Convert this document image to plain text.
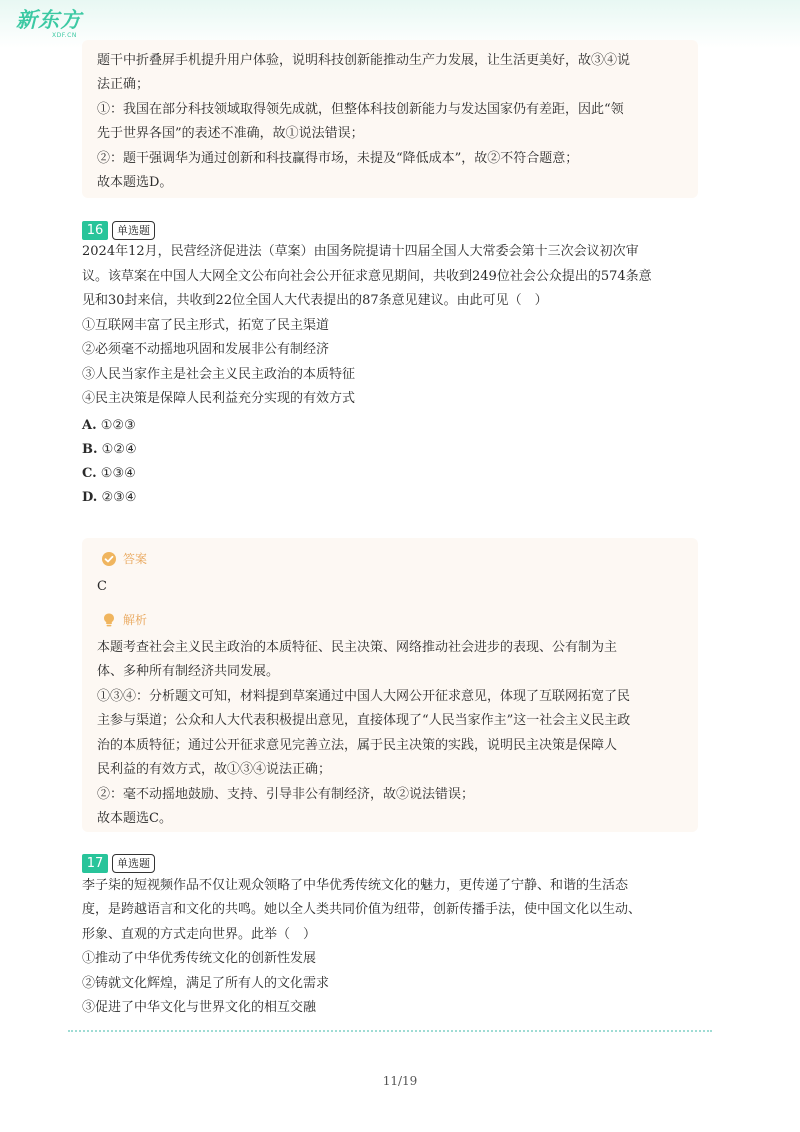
新东方
XDF.CN
题干中折叠屏手机提升用户体验，说明科技创新能推动生产力发展，让生活更美好，故③④说
法正确；
①：我国在部分科技领域取得领先成就，但整体科技创新能力与发达国家仍有差距，因此“领
先于世界各国”的表述不准确，故①说法错误；
②：题干强调华为通过创新和科技赢得市场，未提及“降低成本”，故②不符合题意；
故本题选D。
16	单选题
2024年12月，民营经济促进法（草案）由国务院提请十四届全国人大常委会第十三次会议初次审
议。该草案在中国人大网全文公布向社会公开征求意见期间，共收到249位社会公众提出的574条意
见和30封来信，共收到22位全国人大代表提出的87条意见建议。由此可见（　）
①互联网丰富了民主形式，拓宽了民主渠道
②必须毫不动摇地巩固和发展非公有制经济
③人民当家作主是社会主义民主政治的本质特征
④民主决策是保障人民利益充分实现的有效方式
A. ①②③
B. ①②④
C. ①③④
D. ②③④
答案
C
解析
本题考查社会主义民主政治的本质特征、民主决策、网络推动社会进步的表现、公有制为主
体、多种所有制经济共同发展。
①③④：分析题文可知，材料提到草案通过中国人大网公开征求意见，体现了互联网拓宽了民
主参与渠道；公众和人大代表积极提出意见，直接体现了“人民当家作主”这一社会主义民主政
治的本质特征；通过公开征求意见完善立法，属于民主决策的实践，说明民主决策是保障人
民利益的有效方式，故①③④说法正确；
②：毫不动摇地鼓励、支持、引导非公有制经济，故②说法错误；
故本题选C。
17	单选题
李子柒的短视频作品不仅让观众领略了中华优秀传统文化的魅力，更传递了宁静、和谐的生活态
度，是跨越语言和文化的共鸣。她以全人类共同价值为纽带，创新传播手法，使中国文化以生动、
形象、直观的方式走向世界。此举（　）
①推动了中华优秀传统文化的创新性发展
②铸就文化辉煌，满足了所有人的文化需求
③促进了中华文化与世界文化的相互交融
11/19
